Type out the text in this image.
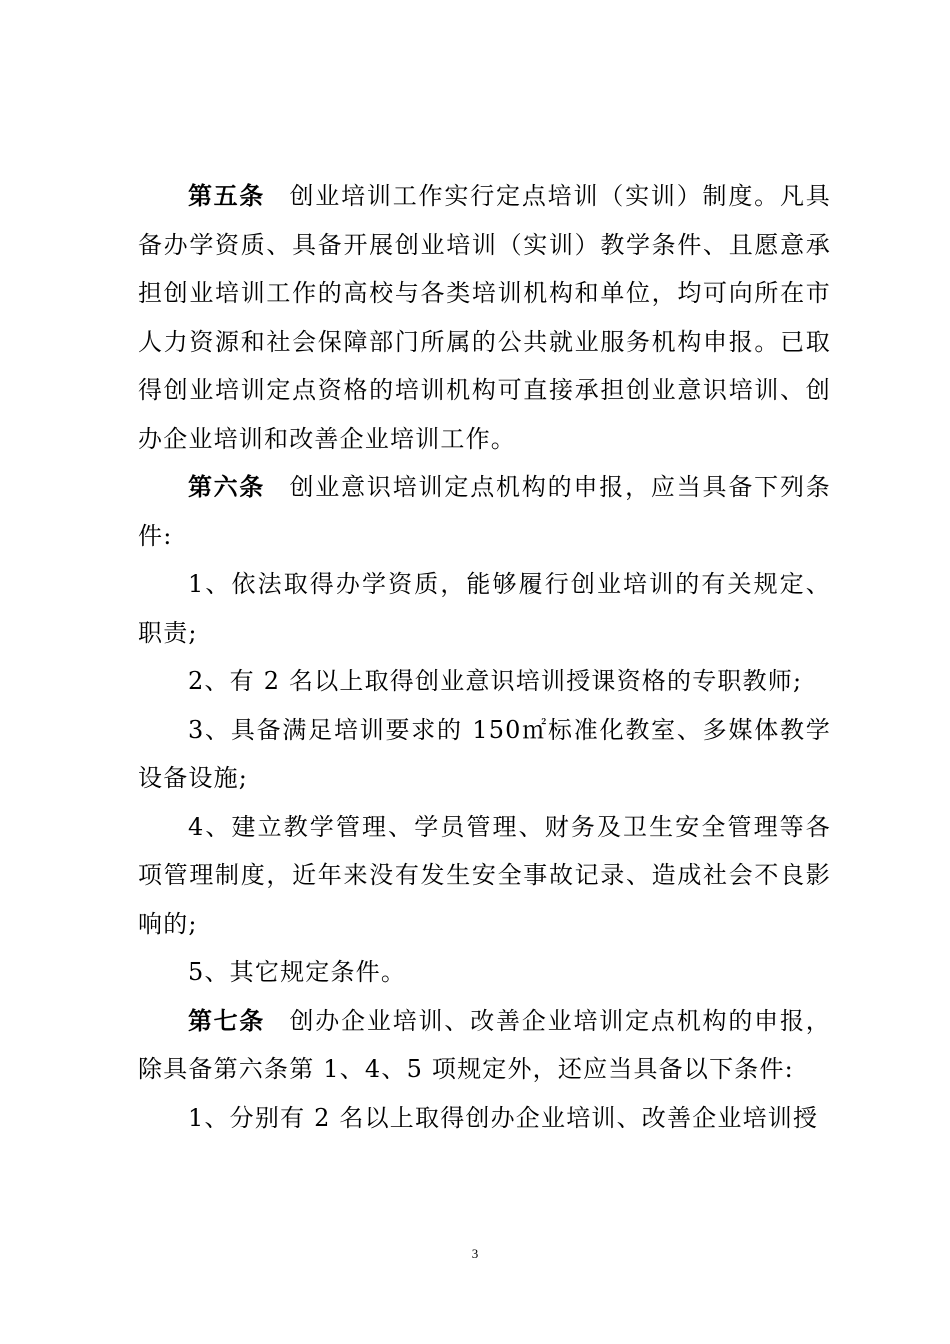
第五条 创业培训工作实行定点培训（实训）制度。凡具备办学资质、具备开展创业培训（实训）教学条件、且愿意承担创业培训工作的高校与各类培训机构和单位，均可向所在市人力资源和社会保障部门所属的公共就业服务机构申报。已取得创业培训定点资格的培训机构可直接承担创业意识培训、创办企业培训和改善企业培训工作。

第六条 创业意识培训定点机构的申报，应当具备下列条件:

1、依法取得办学资质，能够履行创业培训的有关规定、职责;

2、有 2 名以上取得创业意识培训授课资格的专职教师;

3、具备满足培训要求的 150㎡标准化教室、多媒体教学设备设施;

4、建立教学管理、学员管理、财务及卫生安全管理等各项管理制度，近年来没有发生安全事故记录、造成社会不良影响的;

5、其它规定条件。

第七条 创办企业培训、改善企业培训定点机构的申报，除具备第六条第 1、4、5 项规定外，还应当具备以下条件:

1、分别有 2 名以上取得创办企业培训、改善企业培训授

3
